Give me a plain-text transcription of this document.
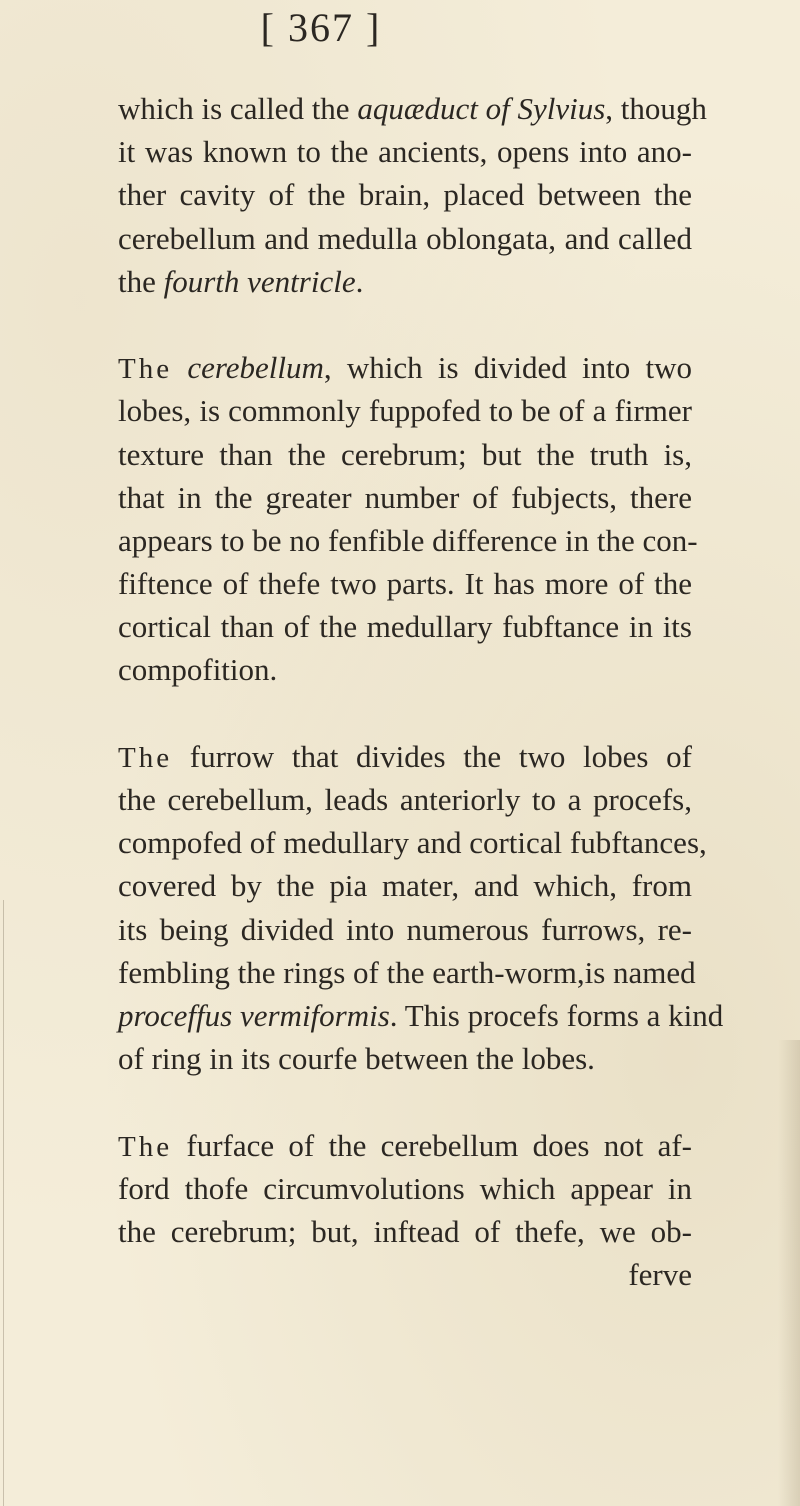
[ 367 ]
which is called the aquæduct of Sylvius, though
it was known to the ancients, opens into ano-
ther cavity of the brain, placed between the
cerebellum and medulla oblongata, and called
the fourth ventricle.
The cerebellum, which is divided into two
lobes, is commonly fuppofed to be of a firmer
texture than the cerebrum; but the truth is,
that in the greater number of fubjects, there
appears to be no fenfible difference in the con-
fiftence of thefe two parts. It has more of the
cortical than of the medullary fubftance in its
compofition.
The furrow that divides the two lobes of
the cerebellum, leads anteriorly to a procefs,
compofed of medullary and cortical fubftances,
covered by the pia mater, and which, from
its being divided into numerous furrows, re-
fembling the rings of the earth-worm,is named
proceffus vermiformis. This procefs forms a kind
of ring in its courfe between the lobes.
The furface of the cerebellum does not af-
ford thofe circumvolutions which appear in
the cerebrum; but, inftead of thefe, we ob-
ferve
